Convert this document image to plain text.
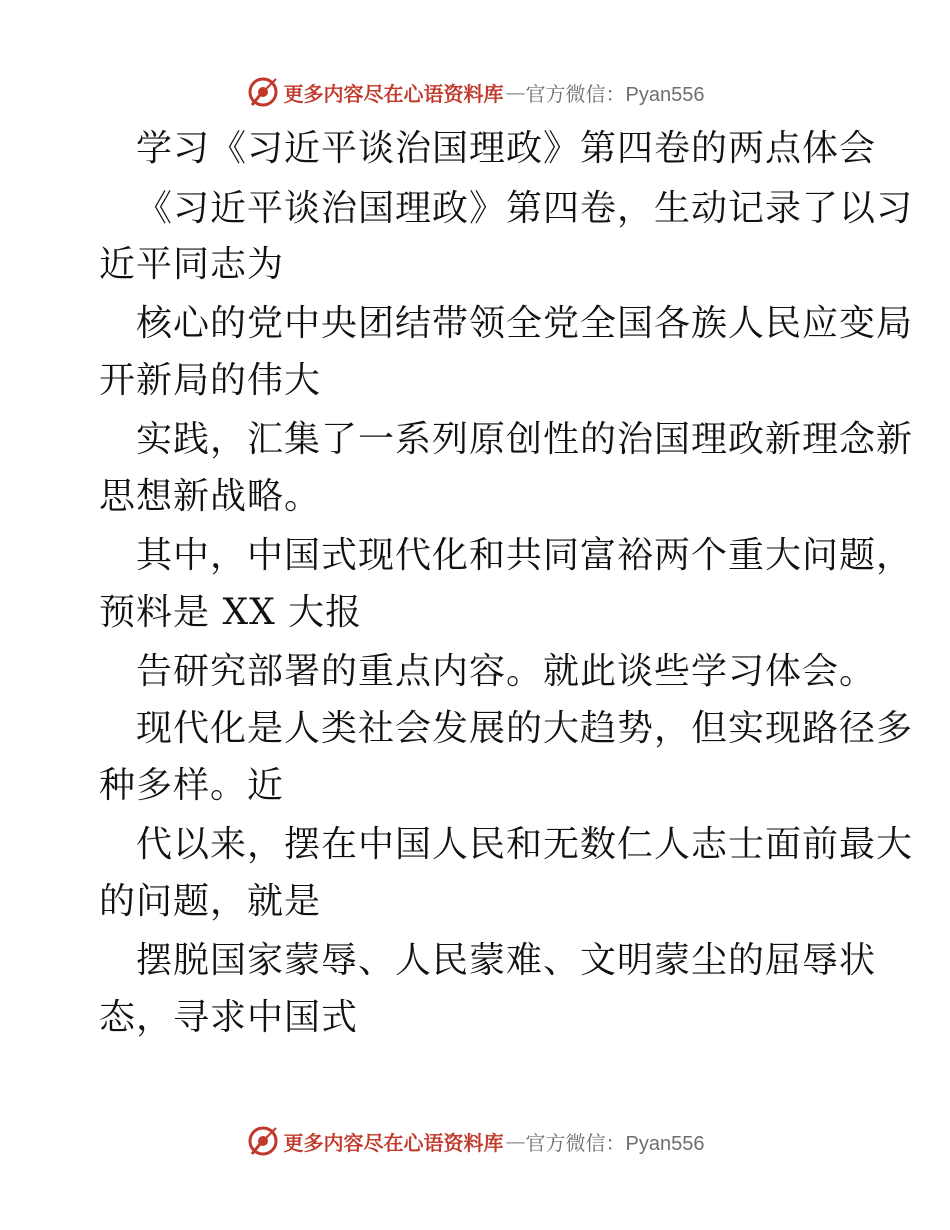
更多内容尽在心语资料库 — 官方微信：Pyan556
学习《习近平谈治国理政》第四卷的两点体会
《习近平谈治国理政》第四卷，生动记录了以习
近平同志为
核心的党中央团结带领全党全国各族人民应变局
开新局的伟大
实践，汇集了一系列原创性的治国理政新理念新
思想新战略。
其中，中国式现代化和共同富裕两个重大问题，
预料是 XX 大报
告研究部署的重点内容。就此谈些学习体会。
现代化是人类社会发展的大趋势，但实现路径多
种多样。近
代以来，摆在中国人民和无数仁人志士面前最大
的问题，就是
摆脱国家蒙辱、人民蒙难、文明蒙尘的屈辱状
态，寻求中国式
更多内容尽在心语资料库 — 官方微信：Pyan556
